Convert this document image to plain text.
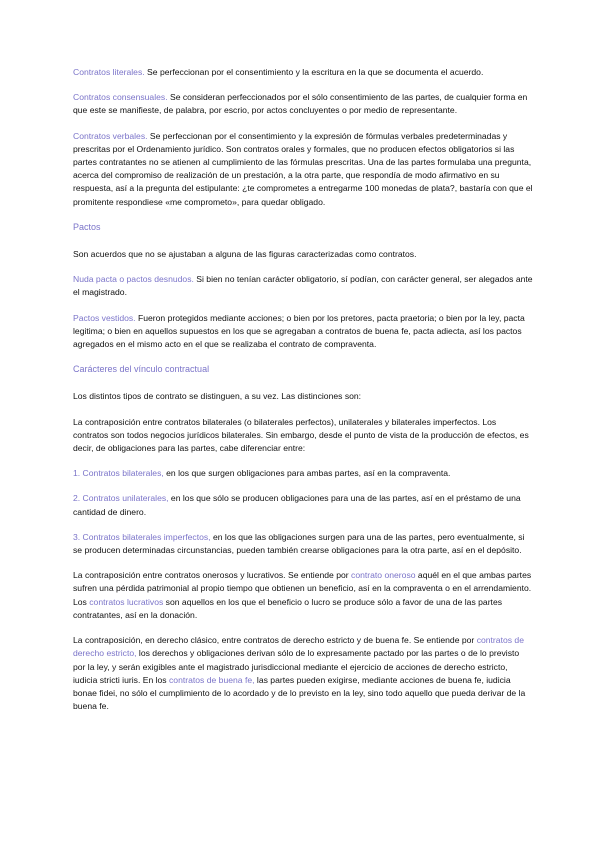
Contratos literales. Se perfeccionan por el consentimiento y la escritura en la que se documenta el acuerdo.

Contratos consensuales. Se consideran perfeccionados por el sólo consentimiento de las partes, de cualquier forma en que este se manifieste, de palabra, por escrio, por actos concluyentes o por medio de representante.

Contratos verbales. Se perfeccionan por el consentimiento y la expresión de fórmulas verbales predeterminadas y prescritas por el Ordenamiento jurídico. Son contratos orales y formales, que no producen efectos obligatorios si las partes contratantes no se atienen al cumplimiento de las fórmulas prescritas. Una de las partes formulaba una pregunta, acerca del compromiso de realización de un prestación, a la otra parte, que respondía de modo afirmativo en su respuesta, así a la pregunta del estipulante: ¿te comprometes a entregarme 100 monedas de plata?, bastaría con que el promitente respondiese «me comprometo», para quedar obligado.

Pactos

Son acuerdos que no se ajustaban a alguna de las figuras caracterizadas como contratos.

Nuda pacta o pactos desnudos. Si bien no tenían carácter obligatorio, sí podían, con carácter general, ser alegados ante el magistrado.

Pactos vestidos. Fueron protegidos mediante acciones; o bien por los pretores, pacta praetoria; o bien por la ley, pacta legitima; o bien en aquellos supuestos en los que se agregaban a contratos de buena fe, pacta adiecta, así los pactos agregados en el mismo acto en el que se realizaba el contrato de compraventa.

Carácteres del vínculo contractual

Los distintos tipos de contrato se distinguen, a su vez. Las distinciones son:

La contraposición entre contratos bilaterales (o bilaterales perfectos), unilaterales y bilaterales imperfectos. Los contratos son todos negocios jurídicos bilaterales. Sin embargo, desde el punto de vista de la producción de efectos, es decir, de obligaciones para las partes, cabe diferenciar entre:

1. Contratos bilaterales, en los que surgen obligaciones para ambas partes, así en la compraventa.

2. Contratos unilaterales, en los que sólo se producen obligaciones para una de las partes, así en el préstamo de una cantidad de dinero.

3. Contratos bilaterales imperfectos, en los que las obligaciones surgen para una de las partes, pero eventualmente, si se producen determinadas circunstancias, pueden también crearse obligaciones para la otra parte, así en el depósito.

La contraposición entre contratos onerosos y lucrativos. Se entiende por contrato oneroso aquél en el que ambas partes sufren una pérdida patrimonial al propio tiempo que obtienen un beneficio, así en la compraventa o en el arrendamiento. Los contratos lucrativos son aquellos en los que el beneficio o lucro se produce sólo a favor de una de las partes contratantes, así en la donación.

La contraposición, en derecho clásico, entre contratos de derecho estricto y de buena fe. Se entiende por contratos de derecho estricto, los derechos y obligaciones derivan sólo de lo expresamente pactado por las partes o de lo previsto por la ley, y serán exigibles ante el magistrado jurisdiccional mediante el ejercicio de acciones de derecho estricto, iudicia stricti iuris. En los contratos de buena fe, las partes pueden exigirse, mediante acciones de buena fe, iudicia bonae fidei, no sólo el cumplimiento de lo acordado y de lo previsto en la ley, sino todo aquello que pueda derivar de la buena fe.
